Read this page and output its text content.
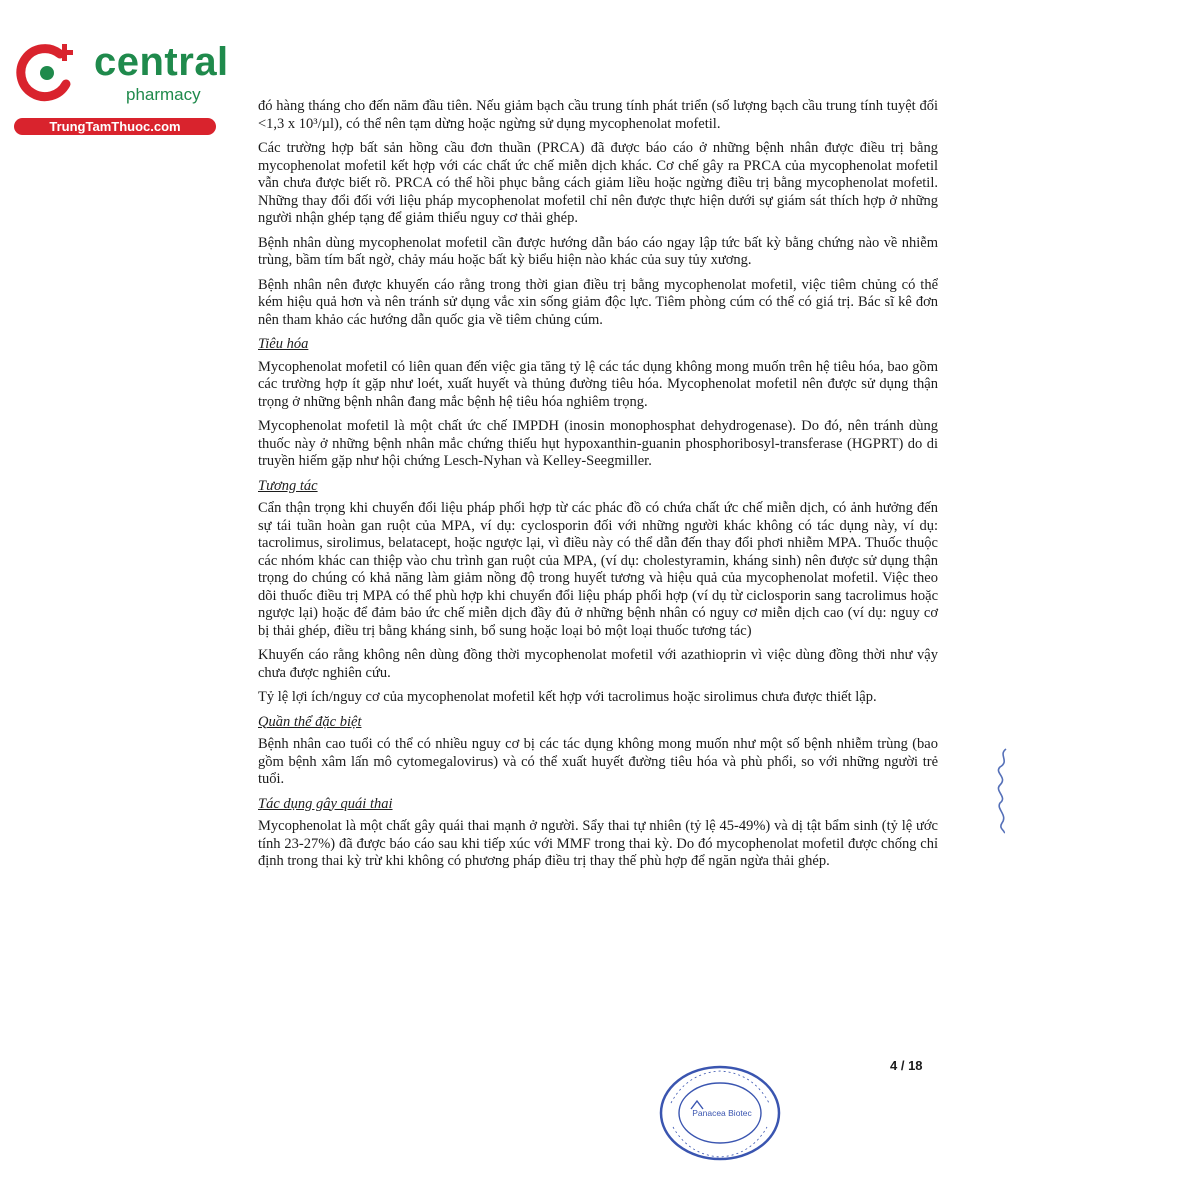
central
pharmacy
TrungTamThuoc.com

đó hàng tháng cho đến năm đầu tiên. Nếu giảm bạch cầu trung tính phát triển (số lượng bạch cầu trung tính tuyệt đối <1,3 x 10³/µl), có thể nên tạm dừng hoặc ngừng sử dụng mycophenolat mofetil.

Các trường hợp bất sản hồng cầu đơn thuần (PRCA) đã được báo cáo ở những bệnh nhân được điều trị bằng mycophenolat mofetil kết hợp với các chất ức chế miễn dịch khác. Cơ chế gây ra PRCA của mycophenolat mofetil vẫn chưa được biết rõ. PRCA có thể hồi phục bằng cách giảm liều hoặc ngừng điều trị bằng mycophenolat mofetil. Những thay đổi đối với liệu pháp mycophenolat mofetil chỉ nên được thực hiện dưới sự giám sát thích hợp ở những người nhận ghép tạng để giảm thiểu nguy cơ thải ghép.

Bệnh nhân dùng mycophenolat mofetil cần được hướng dẫn báo cáo ngay lập tức bất kỳ bằng chứng nào về nhiễm trùng, bầm tím bất ngờ, chảy máu hoặc bất kỳ biểu hiện nào khác của suy tủy xương.

Bệnh nhân nên được khuyến cáo rằng trong thời gian điều trị bằng mycophenolat mofetil, việc tiêm chủng có thể kém hiệu quả hơn và nên tránh sử dụng vắc xin sống giảm độc lực. Tiêm phòng cúm có thể có giá trị. Bác sĩ kê đơn nên tham khảo các hướng dẫn quốc gia về tiêm chủng cúm.

Tiêu hóa

Mycophenolat mofetil có liên quan đến việc gia tăng tỷ lệ các tác dụng không mong muốn trên hệ tiêu hóa, bao gồm các trường hợp ít gặp như loét, xuất huyết và thủng đường tiêu hóa. Mycophenolat mofetil nên được sử dụng thận trọng ở những bệnh nhân đang mắc bệnh hệ tiêu hóa nghiêm trọng.

Mycophenolat mofetil là một chất ức chế IMPDH (inosin monophosphat dehydrogenase). Do đó, nên tránh dùng thuốc này ở những bệnh nhân mắc chứng thiếu hụt hypoxanthin-guanin phosphoribosyl-transferase (HGPRT) do di truyền hiếm gặp như hội chứng Lesch-Nyhan và Kelley-Seegmiller.

Tương tác

Cẩn thận trọng khi chuyển đổi liệu pháp phối hợp từ các phác đồ có chứa chất ức chế miễn dịch, có ảnh hưởng đến sự tái tuần hoàn gan ruột của MPA, ví dụ: cyclosporin đối với những người khác không có tác dụng này, ví dụ: tacrolimus, sirolimus, belatacept, hoặc ngược lại, vì điều này có thể dẫn đến thay đổi phơi nhiễm MPA. Thuốc thuộc các nhóm khác can thiệp vào chu trình gan ruột của MPA, (ví dụ: cholestyramin, kháng sinh) nên được sử dụng thận trọng do chúng có khả năng làm giảm nồng độ trong huyết tương và hiệu quả của mycophenolat mofetil. Việc theo dõi thuốc điều trị MPA có thể phù hợp khi chuyển đổi liệu pháp phối hợp (ví dụ từ ciclosporin sang tacrolimus hoặc ngược lại) hoặc để đảm bảo ức chế miễn dịch đầy đủ ở những bệnh nhân có nguy cơ miễn dịch cao (ví dụ: nguy cơ bị thải ghép, điều trị bằng kháng sinh, bổ sung hoặc loại bỏ một loại thuốc tương tác)

Khuyến cáo rằng không nên dùng đồng thời mycophenolat mofetil với azathioprin vì việc dùng đồng thời như vậy chưa được nghiên cứu.

Tỷ lệ lợi ích/nguy cơ của mycophenolat mofetil kết hợp với tacrolimus hoặc sirolimus chưa được thiết lập.

Quần thể đặc biệt

Bệnh nhân cao tuổi có thể có nhiều nguy cơ bị các tác dụng không mong muốn như một số bệnh nhiễm trùng (bao gồm bệnh xâm lấn mô cytomegalovirus) và có thể xuất huyết đường tiêu hóa và phù phổi, so với những người trẻ tuổi.

Tác dụng gây quái thai

Mycophenolat là một chất gây quái thai mạnh ở người. Sẩy thai tự nhiên (tỷ lệ 45-49%) và dị tật bẩm sinh (tỷ lệ ước tính 23-27%) đã được báo cáo sau khi tiếp xúc với MMF trong thai kỳ. Do đó mycophenolat mofetil được chống chỉ định trong thai kỳ trừ khi không có phương pháp điều trị thay thế phù hợp để ngăn ngừa thải ghép.

4 / 18
Panacea Biotec
